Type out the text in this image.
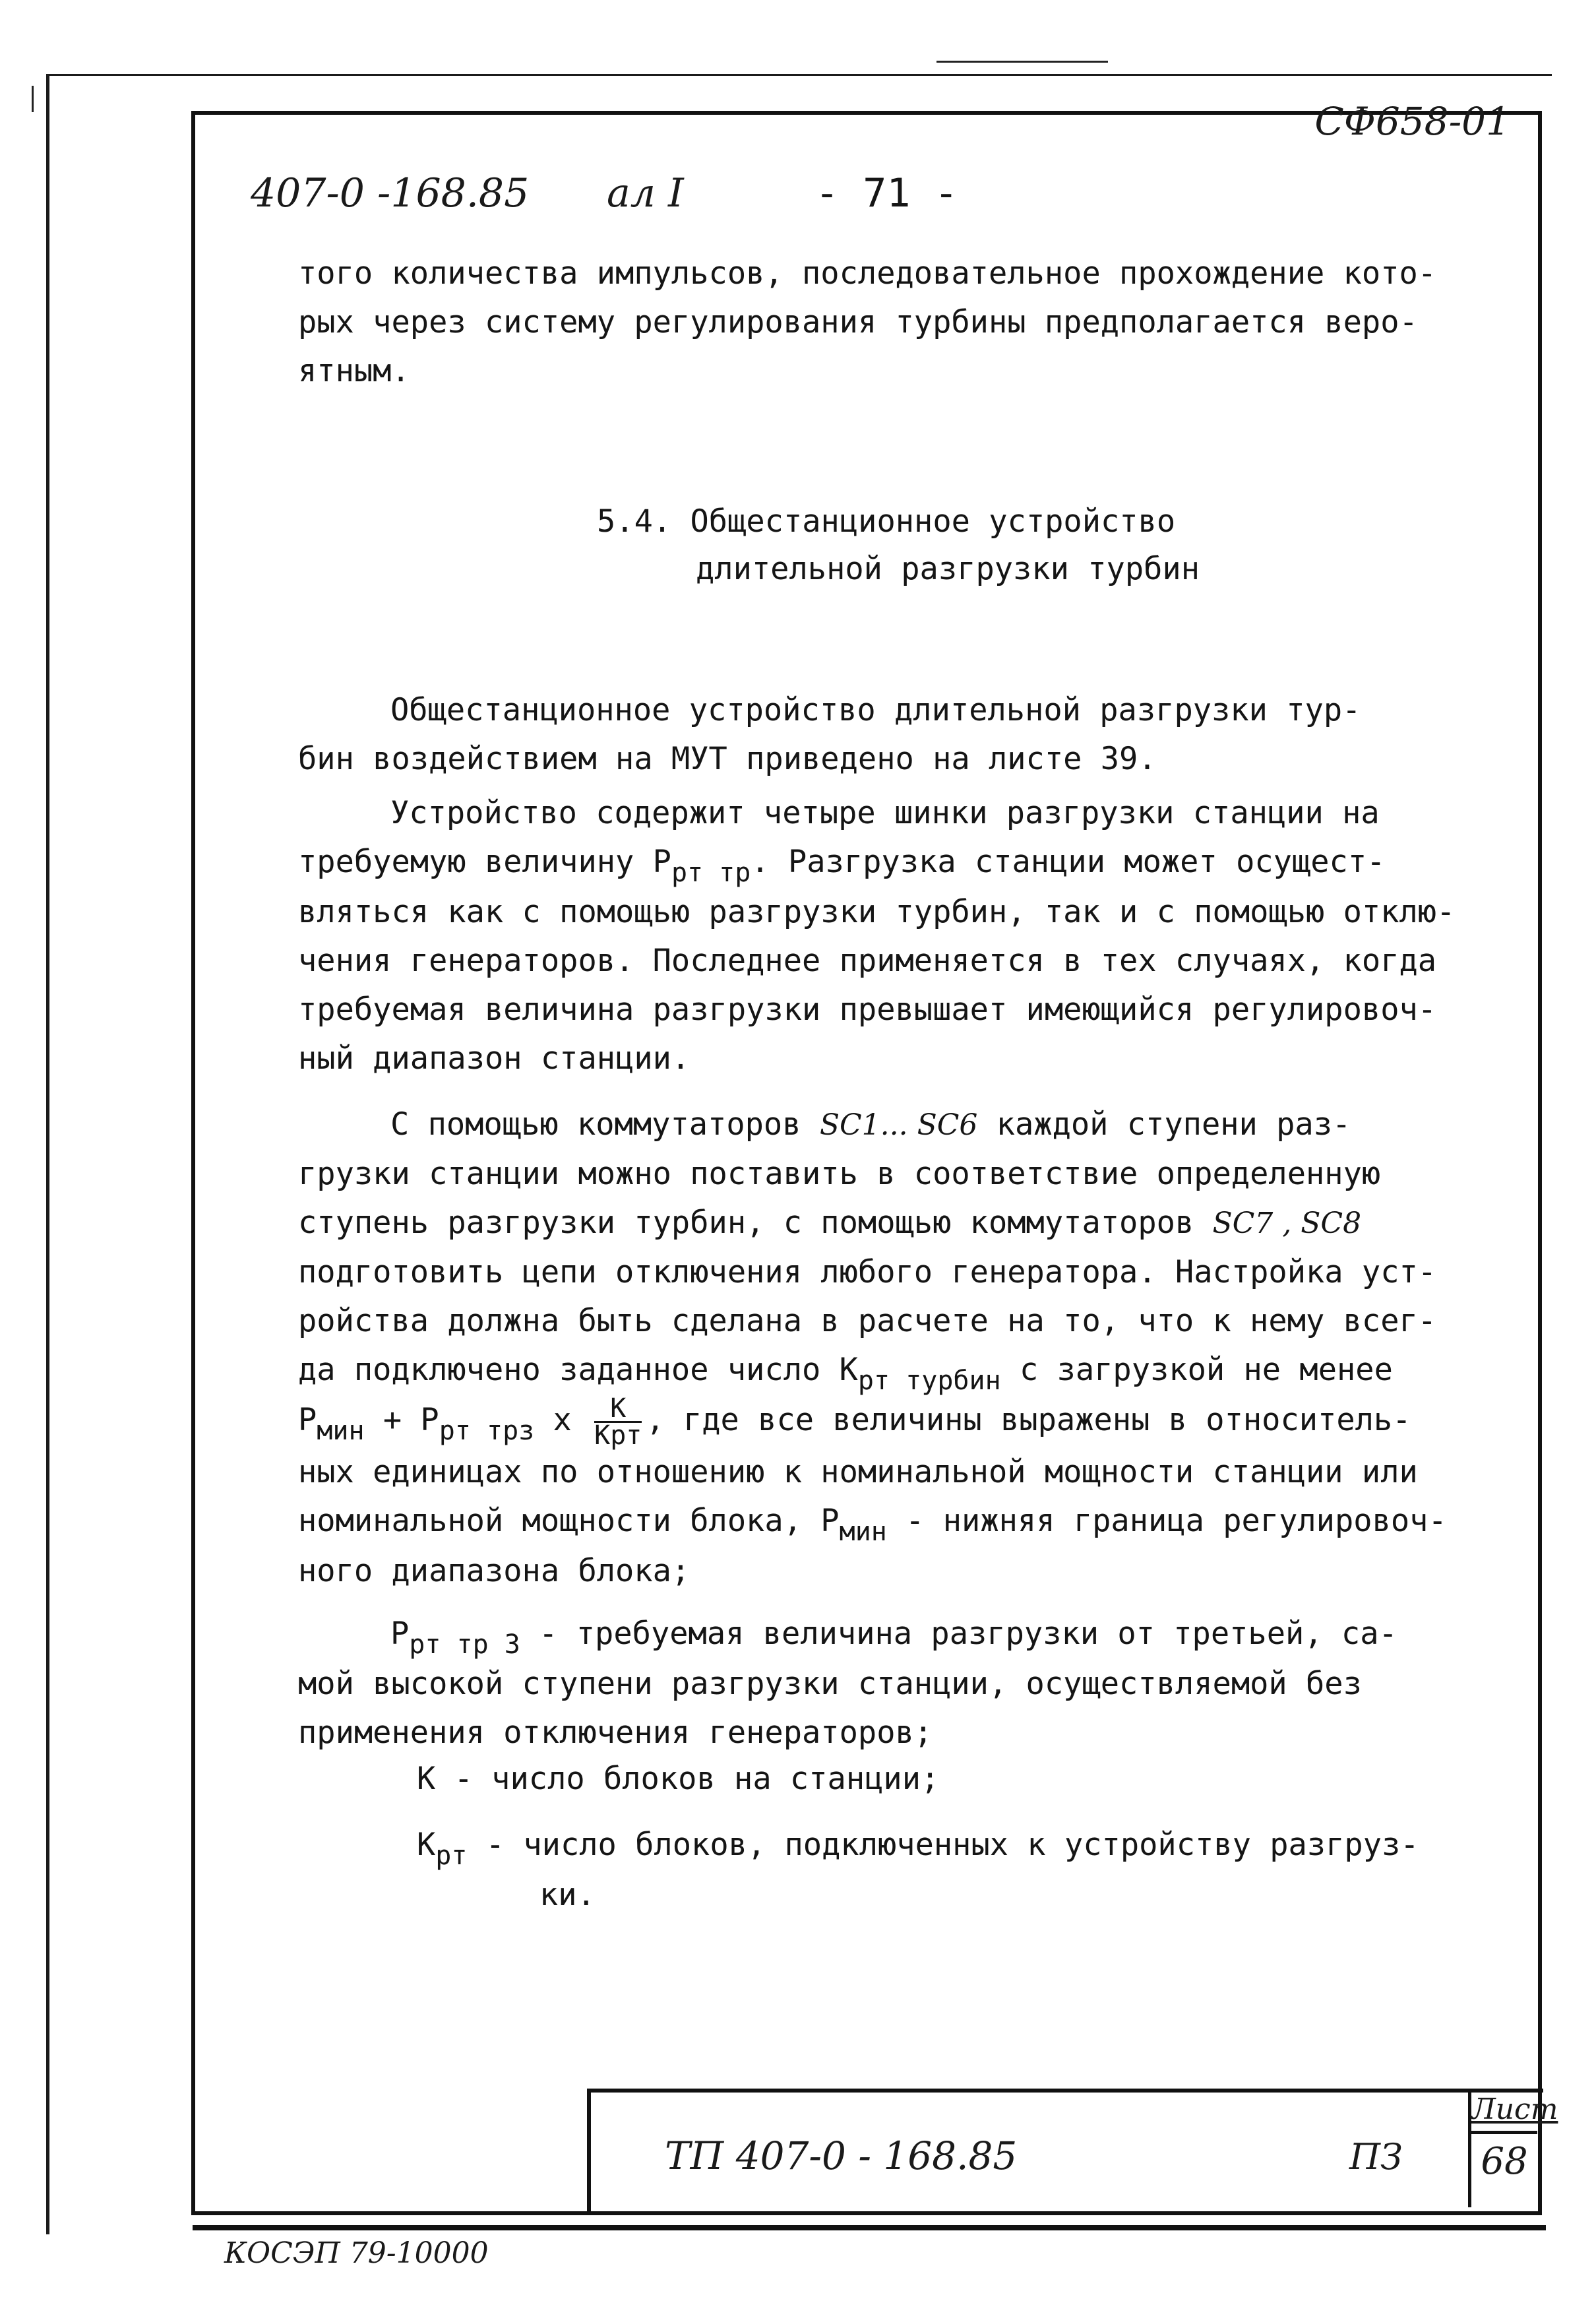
СФ658-01
407-0 -168.85 ал I	- 71 -

того количества импульсов, последовательное прохождение кото-

рых через систему регулирования турбины предполагается веро-

ятным.

5.4. Общестанционное устройство
длительной разгрузки турбин

Общестанционное устройство длительной разгрузки тур-

бин воздействием на МУТ приведено на листе 39.

Устройство содержит четыре шинки разгрузки станции на

требуемую величину Ррт тр. Разгрузка станции может осущест-

вляться как с помощью разгрузки турбин, так и с помощью отклю-

чения генераторов. Последнее применяется в тех случаях, когда

требуемая величина разгрузки превышает имеющийся регулировоч-

ный диапазон станции.

С помощью коммутаторов SC1... SC6 каждой ступени раз-

грузки станции можно поставить в соответствие определенную

ступень разгрузки турбин, с помощью коммутаторов SC7 , SC8

подготовить цепи отключения любого генератора. Настройка уст-

ройства должна быть сделана в расчете на то, что к нему всег-

да подключено заданное число Крт турбин с загрузкой не менее

Рмин + Ррт трз x $\frac{К}{\text{Крт}}$ , где все величины выражены в относитель-

ных единицах по отношению к номинальной мощности станции или

номинальной мощности блока, Рмин - нижняя граница регулировоч-

ного диапазона блока;

Ррт тр 3 - требуемая величина разгрузки от третьей, са-

мой высокой ступени разгрузки станции, осуществляемой без

применения отключения генераторов;

К - число блоков на станции;
Крт - число блоков, подключенных к устройству разгруз-
ки.
ТП 407-0 - 168.85	ПЗ
Лист
68
КОСЭП 79-10000
